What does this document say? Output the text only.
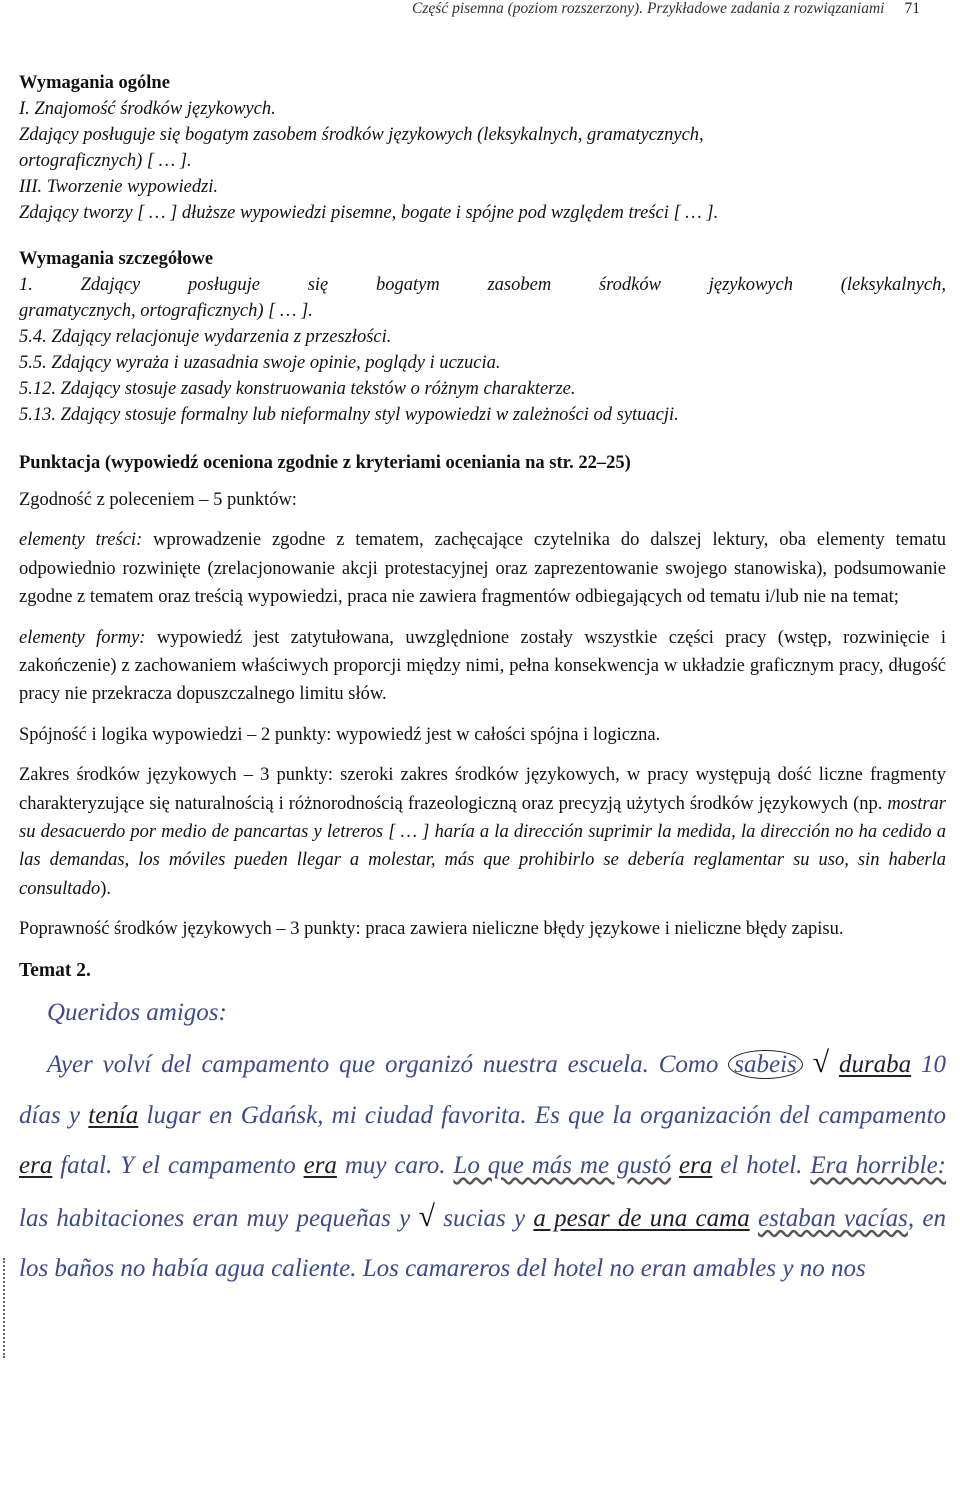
Część pisemna (poziom rozszerzony). Przykładowe zadania z rozwiązaniami 71

Wymagania ogólne

I. Znajomość środków językowych.

Zdający posługuje się bogatym zasobem środków językowych (leksykalnych, gramatycznych,

ortograficznych) [ … ].

III. Tworzenie wypowiedzi.

Zdający tworzy [ … ] dłuższe wypowiedzi pisemne, bogate i spójne pod względem treści [ … ].

Wymagania szczegółowe

1. Zdający posługuje się bogatym zasobem środków językowych (leksykalnych,

gramatycznych, ortograficznych) [ … ].

5.4. Zdający relacjonuje wydarzenia z przeszłości.

5.5. Zdający wyraża i uzasadnia swoje opinie, poglądy i uczucia.

5.12. Zdający stosuje zasady konstruowania tekstów o różnym charakterze.

5.13. Zdający stosuje formalny lub nieformalny styl wypowiedzi w zależności od sytuacji.

Punktacja (wypowiedź oceniona zgodnie z kryteriami oceniania na str. 22–25)

Zgodność z poleceniem – 5 punktów:

elementy treści: wprowadzenie zgodne z tematem, zachęcające czytelnika do dalszej lektury, oba elementy tematu odpowiednio rozwinięte (zrelacjonowanie akcji protestacyjnej oraz zaprezentowanie swojego stanowiska), podsumowanie zgodne z tematem oraz treścią wypowiedzi, praca nie zawiera fragmentów odbiegających od tematu i/lub nie na temat;

elementy formy: wypowiedź jest zatytułowana, uwzględnione zostały wszystkie części pracy (wstęp, rozwinięcie i zakończenie) z zachowaniem właściwych proporcji między nimi, pełna konsekwencja w układzie graficznym pracy, długość pracy nie przekracza dopuszczalnego limitu słów.

Spójność i logika wypowiedzi – 2 punkty: wypowiedź jest w całości spójna i logiczna.

Zakres środków językowych – 3 punkty: szeroki zakres środków językowych, w pracy występują dość liczne fragmenty charakteryzujące się naturalnością i różnorodnością frazeologiczną oraz precyzją użytych środków językowych (np. mostrar su desacuerdo por medio de pancartas y letreros [ … ] haría a la dirección suprimir la medida, la dirección no ha cedido a las demandas, los móviles pueden llegar a molestar, más que prohibirlo se debería reglamentar su uso, sin haberla consultado).

Poprawność środków językowych – 3 punkty: praca zawiera nieliczne błędy językowe i nieliczne błędy zapisu.

Temat 2.

Queridos amigos:
Ayer volví del campamento que organizó nuestra escuela. Como sabeis √ duraba 10 días y tenía lugar en Gdańsk, mi ciudad favorita. Es que la organización del campamento era fatal. Y el campamento era muy caro. Lo que más me gustó era el hotel. Era horrible: las habitaciones eran muy pequeñas y √ sucias y a pesar de una cama estaban vacías, en los baños no había agua caliente. Los camareros del hotel no eran amables y no nos
